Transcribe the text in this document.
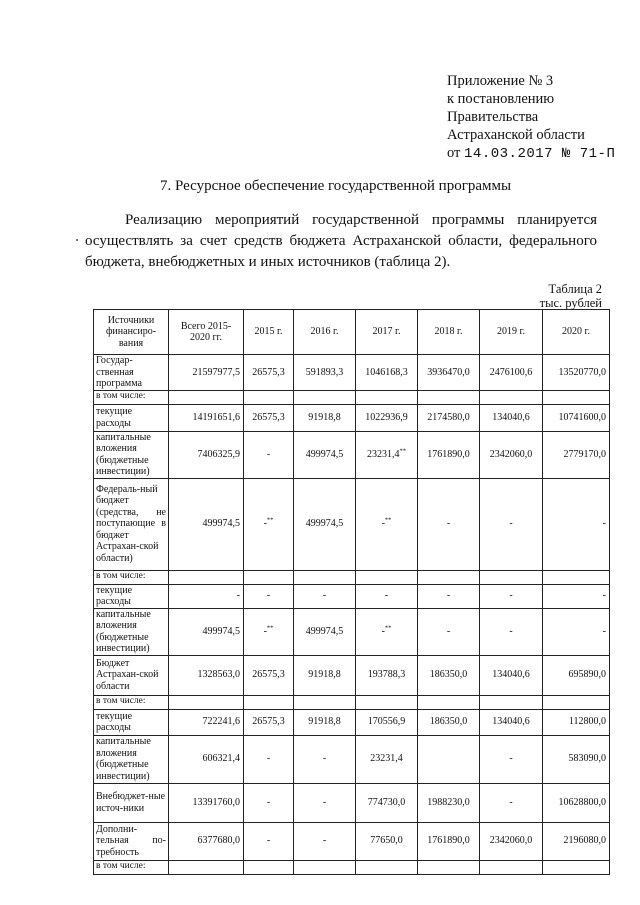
Приложение № 3
к постановлению
Правительства
Астраханской области
от 14.03.2017 № 71-П
7. Ресурсное обеспечение государственной программы

Реализацию мероприятий государственной программы планируется осуществлять за счет средств бюджета Астраханской области, федерального бюджета, внебюджетных и иных источников (таблица 2).

Таблица 2
тыс. рублей
Источники финансиро-вания	Всего 2015-2020 гг.	2015 г.	2016 г.	2017 г.	2018 г.	2019 г.	2020 г.
Государ-ственная программа	21597977,5	26575,3	591893,3	1046168,3	3936470,0	2476100,6	13520770,0
в том числе:							
текущие расходы	14191651,6	26575,3	91918,8	1022936,9	2174580,0	134040,6	10741600,0
капитальные вложения (бюджетные инвестиции)	7406325,9	-	499974,5	23231,4**	1761890,0	2342060,0	2779170,0
Федераль-ный бюджет (средства, не поступающие в бюджет Астрахан-ской области)	499974,5	-**	499974,5	-**	-	-	-
в том числе:							
текущие расходы	-	-	-	-	-	-	-
капитальные вложения (бюджетные инвестиции)	499974,5	-**	499974,5	-**	-	-	-
Бюджет Астрахан-ской области	1328563,0	26575,3	91918,8	193788,3	186350,0	134040,6	695890,0
в том числе:							
текущие расходы	722241,6	26575,3	91918,8	170556,9	186350,0	134040,6	112800,0
капитальные вложения (бюджетные инвестиции)	606321,4	-	-	23231,4		-	583090,0
Внебюджет-ные источ-ники	13391760,0	-	-	774730,0	1988230,0	-	10628800,0
Дополни-тельная по-требность	6377680,0	-	-	77650,0	1761890,0	2342060,0	2196080,0
в том числе:							
